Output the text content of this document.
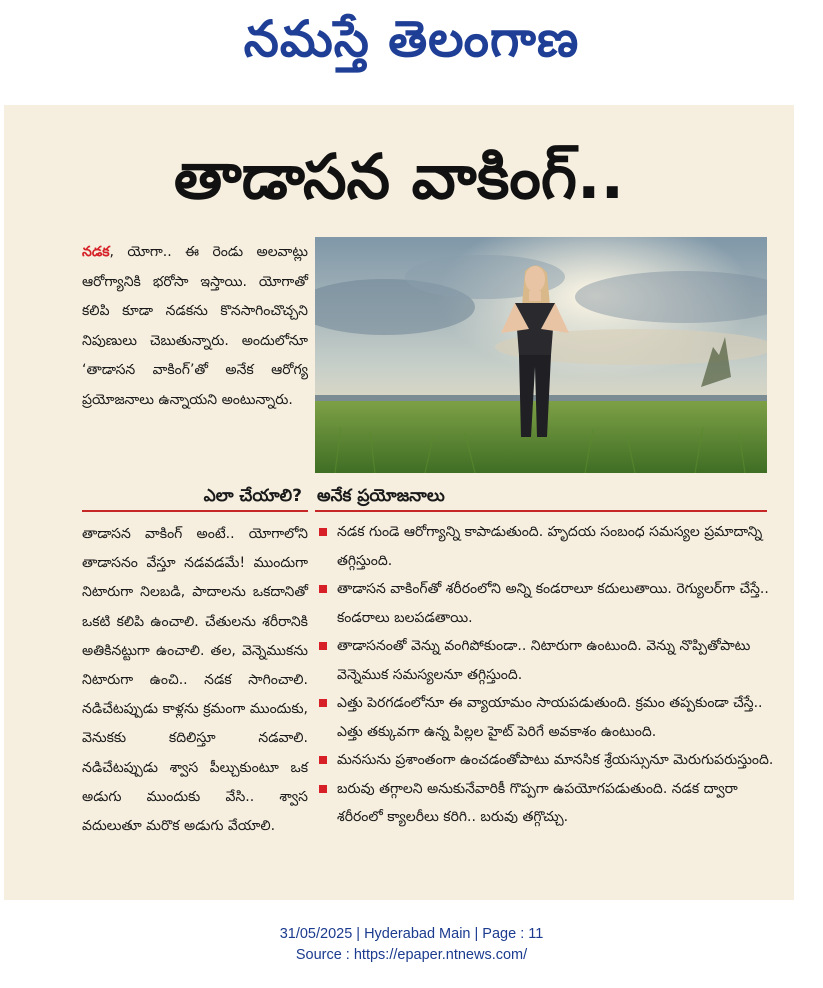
నమస్తే తెలంగాణ
తాడాసన వాకింగ్..
నడక, యోగా.. ఈ రెండు అలవాట్లు ఆరోగ్యానికి భరోసా ఇస్తాయి. యోగాతో కలిపి కూడా నడకను కొనసాగించొచ్చని నిపుణులు చెబుతున్నారు. అందులోనూ ‘తాడాసన వాకింగ్’తో అనేక ఆరోగ్య ప్రయోజనాలు ఉన్నాయని అంటున్నారు.
ఎలా చేయాలి?

తాడాసన వాకింగ్ అంటే.. యోగాలోని తాడాసనం వేస్తూ నడవడమే! ముందుగా నిటారుగా నిలబడి, పాదాలను ఒకదానితో ఒకటి కలిపి ఉంచాలి. చేతులను శరీరానికి అతికినట్టుగా ఉంచాలి. తల, వెన్నెముకను నిటారుగా ఉంచి.. నడక సాగించాలి. నడిచేటప్పుడు కాళ్లను క్రమంగా ముందుకు, వెనుకకు కదిలిస్తూ నడవాలి. నడిచేటప్పుడు శ్వాస పీల్చుకుంటూ ఒక అడుగు ముందుకు వేసి.. శ్వాస వదులుతూ మరొక అడుగు వేయాలి.

అనేక ప్రయోజనాలు
నడక గుండె ఆరోగ్యాన్ని కాపాడుతుంది. హృదయ సంబంధ సమస్యల ప్రమాదాన్ని తగ్గిస్తుంది.
తాడాసన వాకింగ్‌తో శరీరంలోని అన్ని కండరాలూ కదులుతాయి. రెగ్యులర్‌గా చేస్తే.. కండరాలు బలపడతాయి.
తాడాసనంతో వెన్ను వంగిపోకుండా.. నిటారుగా ఉంటుంది. వెన్ను నొప్పితోపాటు వెన్నెముక సమస్యలనూ తగ్గిస్తుంది.
ఎత్తు పెరగడంలోనూ ఈ వ్యాయామం సాయపడుతుంది. క్రమం తప్పకుండా చేస్తే.. ఎత్తు తక్కువగా ఉన్న పిల్లల హైట్ పెరిగే అవకాశం ఉంటుంది.
మనసును ప్రశాంతంగా ఉంచడంతోపాటు మానసిక శ్రేయస్సునూ మెరుగుపరుస్తుంది.
బరువు తగ్గాలని అనుకునేవారికీ గొప్పగా ఉపయోగపడుతుంది. నడక ద్వారా శరీరంలో క్యాలరీలు కరిగి.. బరువు తగ్గొచ్చు.
31/05/2025 | Hyderabad Main | Page : 11
Source : https://epaper.ntnews.com/
